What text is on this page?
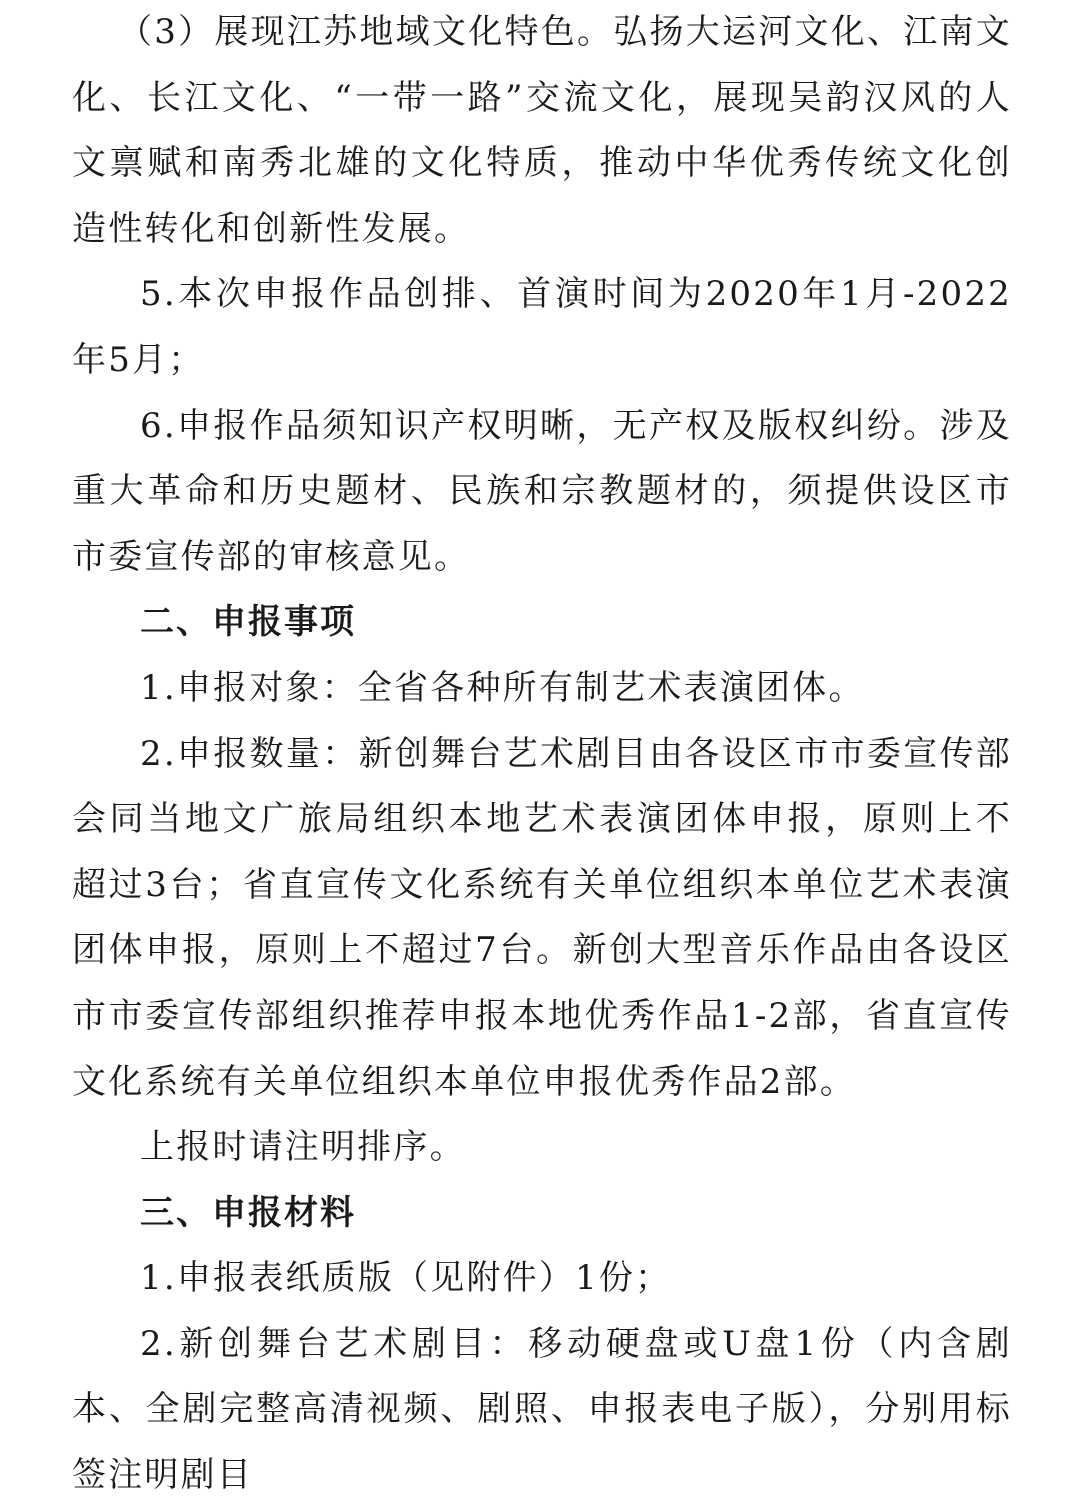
（3）展现江苏地域文化特色。弘扬大运河文化、江南文化、长江文化、“一带一路”交流文化，展现吴韵汉风的人文禀赋和南秀北雄的文化特质，推动中华优秀传统文化创造性转化和创新性发展。

5.本次申报作品创排、首演时间为2020年1月-2022年5月；

6.申报作品须知识产权明晰，无产权及版权纠纷。涉及重大革命和历史题材、民族和宗教题材的，须提供设区市市委宣传部的审核意见。

二、申报事项

1.申报对象：全省各种所有制艺术表演团体。

2.申报数量：新创舞台艺术剧目由各设区市市委宣传部会同当地文广旅局组织本地艺术表演团体申报，原则上不超过3台；省直宣传文化系统有关单位组织本单位艺术表演团体申报，原则上不超过7台。新创大型音乐作品由各设区市市委宣传部组织推荐申报本地优秀作品1-2部，省直宣传文化系统有关单位组织本单位申报优秀作品2部。

上报时请注明排序。

三、申报材料

1.申报表纸质版（见附件）1份；

2.新创舞台艺术剧目：移动硬盘或U盘1份（内含剧本、全剧完整高清视频、剧照、申报表电子版），分别用标签注明剧目
